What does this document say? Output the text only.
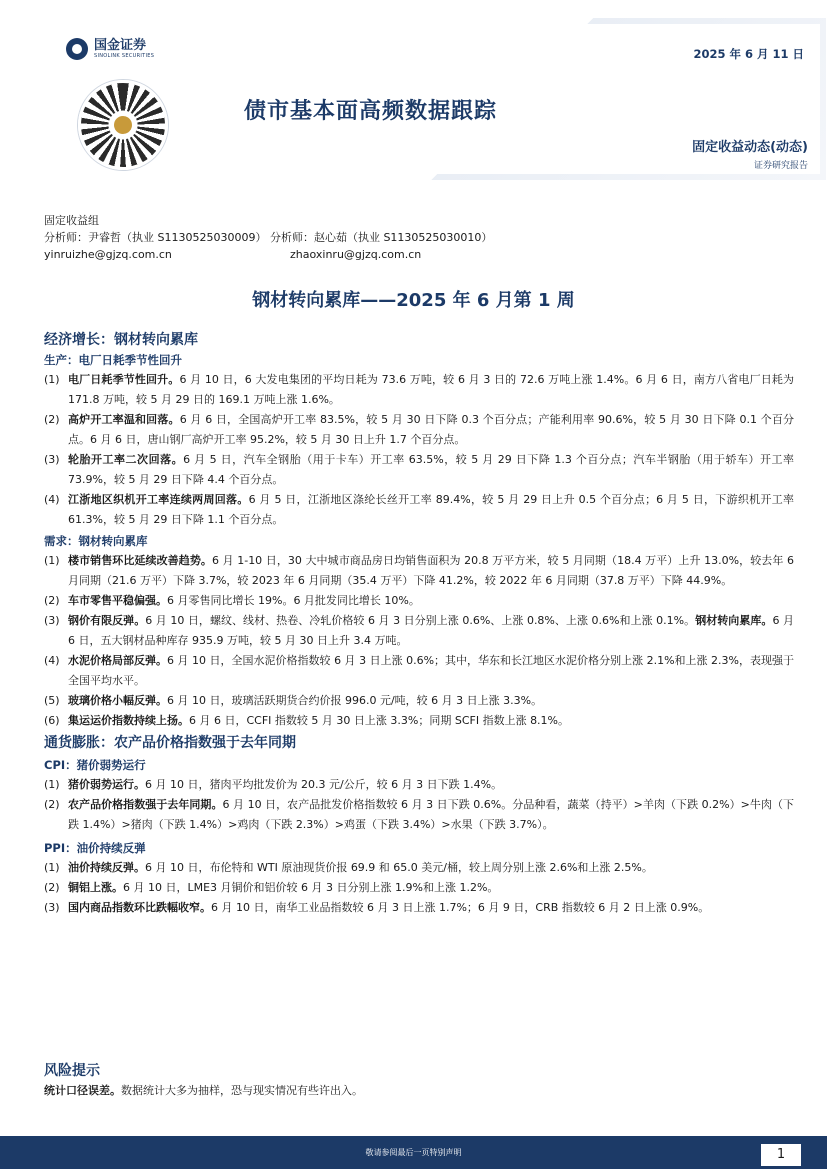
国金证券
SINOLINK SECURITIES	2025 年 6 月 11 日
债市基本面高频数据跟踪
固定收益动态(动态)
证券研究报告
固定收益组
分析师：尹睿哲（执业 S1130525030009） 分析师：赵心茹（执业 S1130525030010）
yinruizhe@gjzq.com.cn	zhaoxinru@gjzq.com.cn
钢材转向累库——2025 年 6 月第 1 周
经济增长：钢材转向累库
生产：电厂日耗季节性回升
(1) 电厂日耗季节性回升。6 月 10 日，6 大发电集团的平均日耗为 73.6 万吨，较 6 月 3 日的 72.6 万吨上涨 1.4%。6 月 6 日，南方八省电厂日耗为 171.8 万吨，较 5 月 29 日的 169.1 万吨上涨 1.6%。
(2) 高炉开工率温和回落。6 月 6 日，全国高炉开工率 83.5%，较 5 月 30 日下降 0.3 个百分点；产能利用率 90.6%，较 5 月 30 日下降 0.1 个百分点。6 月 6 日，唐山钢厂高炉开工率 95.2%，较 5 月 30 日上升 1.7 个百分点。
(3) 轮胎开工率二次回落。6 月 5 日，汽车全钢胎（用于卡车）开工率 63.5%，较 5 月 29 日下降 1.3 个百分点；汽车半钢胎（用于轿车）开工率 73.9%，较 5 月 29 日下降 4.4 个百分点。
(4) 江浙地区织机开工率连续两周回落。6 月 5 日，江浙地区涤纶长丝开工率 89.4%，较 5 月 29 日上升 0.5 个百分点；6 月 5 日，下游织机开工率 61.3%，较 5 月 29 日下降 1.1 个百分点。
需求：钢材转向累库
(1) 楼市销售环比延续改善趋势。6 月 1-10 日，30 大中城市商品房日均销售面积为 20.8 万平方米，较 5 月同期（18.4 万平）上升 13.0%，较去年 6 月同期（21.6 万平）下降 3.7%，较 2023 年 6 月同期（35.4 万平）下降 41.2%，较 2022 年 6 月同期（37.8 万平）下降 44.9%。
(2) 车市零售平稳偏强。6 月零售同比增长 19%。6 月批发同比增长 10%。
(3) 钢价有限反弹。6 月 10 日，螺纹、线材、热卷、冷轧价格较 6 月 3 日分别上涨 0.6%、上涨 0.8%、上涨 0.6%和上涨 0.1%。钢材转向累库。6 月 6 日，五大钢材品种库存 935.9 万吨，较 5 月 30 日上升 3.4 万吨。
(4) 水泥价格局部反弹。6 月 10 日，全国水泥价格指数较 6 月 3 日上涨 0.6%；其中，华东和长江地区水泥价格分别上涨 2.1%和上涨 2.3%，表现强于全国平均水平。
(5) 玻璃价格小幅反弹。6 月 10 日，玻璃活跃期货合约价报 996.0 元/吨，较 6 月 3 日上涨 3.3%。
(6) 集运运价指数持续上扬。6 月 6 日，CCFI 指数较 5 月 30 日上涨 3.3%；同期 SCFI 指数上涨 8.1%。
通货膨胀：农产品价格指数强于去年同期
CPI：猪价弱势运行
(1) 猪价弱势运行。6 月 10 日，猪肉平均批发价为 20.3 元/公斤，较 6 月 3 日下跌 1.4%。
(2) 农产品价格指数强于去年同期。6 月 10 日，农产品批发价格指数较 6 月 3 日下跌 0.6%。分品种看，蔬菜（持平）>羊肉（下跌 0.2%）>牛肉（下跌 1.4%）>猪肉（下跌 1.4%）>鸡肉（下跌 2.3%）>鸡蛋（下跌 3.4%）>水果（下跌 3.7%）。
PPI：油价持续反弹
(1) 油价持续反弹。6 月 10 日，布伦特和 WTI 原油现货价报 69.9 和 65.0 美元/桶，较上周分别上涨 2.6%和上涨 2.5%。
(2) 铜铝上涨。6 月 10 日，LME3 月铜价和铝价较 6 月 3 日分别上涨 1.9%和上涨 1.2%。
(3) 国内商品指数环比跌幅收窄。6 月 10 日，南华工业品指数较 6 月 3 日上涨 1.7%；6 月 9 日，CRB 指数较 6 月 2 日上涨 0.9%。
风险提示
统计口径误差。数据统计大多为抽样，恐与现实情况有些许出入。
敬请参阅最后一页特别声明	1
